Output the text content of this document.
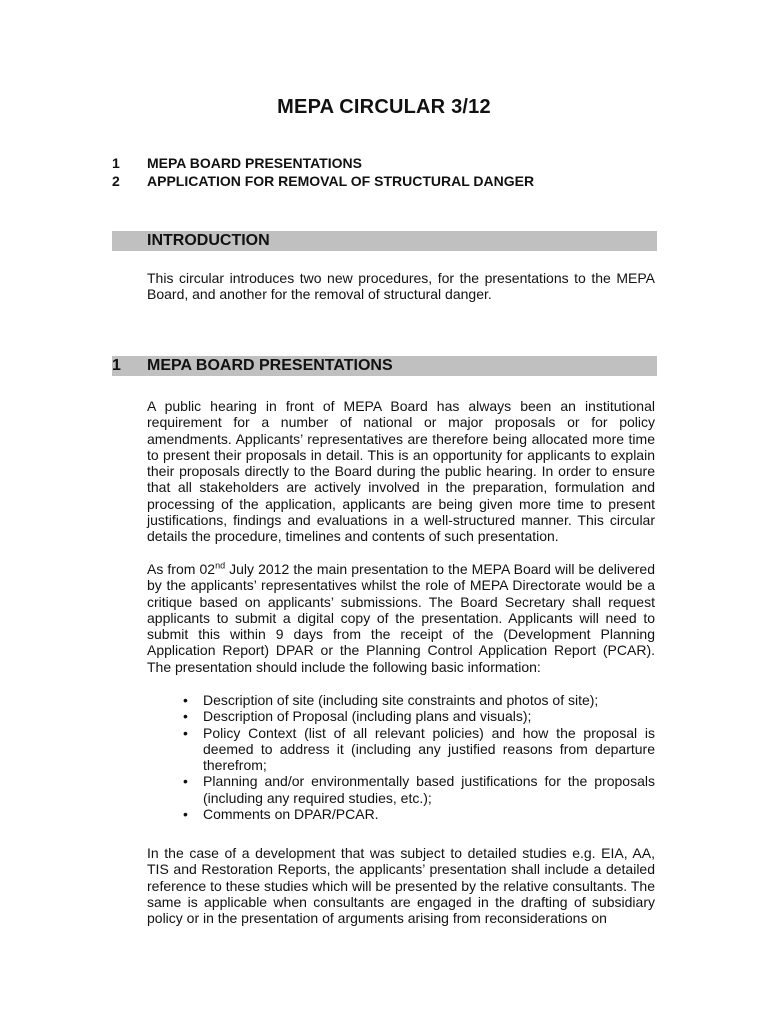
MEPA CIRCULAR 3/12
1 MEPA BOARD PRESENTATIONS
2 APPLICATION FOR REMOVAL OF STRUCTURAL DANGER
INTRODUCTION
This circular introduces two new procedures, for the presentations to the MEPA Board, and another for the removal of structural danger.
1 MEPA BOARD PRESENTATIONS
A public hearing in front of MEPA Board has always been an institutional requirement for a number of national or major proposals or for policy amendments. Applicants’ representatives are therefore being allocated more time to present their proposals in detail. This is an opportunity for applicants to explain their proposals directly to the Board during the public hearing. In order to ensure that all stakeholders are actively involved in the preparation, formulation and processing of the application, applicants are being given more time to present justifications, findings and evaluations in a well-structured manner. This circular details the procedure, timelines and contents of such presentation.
As from 02nd July 2012 the main presentation to the MEPA Board will be delivered by the applicants’ representatives whilst the role of MEPA Directorate would be a critique based on applicants’ submissions. The Board Secretary shall request applicants to submit a digital copy of the presentation. Applicants will need to submit this within 9 days from the receipt of the (Development Planning Application Report) DPAR or the Planning Control Application Report (PCAR). The presentation should include the following basic information:
• Description of site (including site constraints and photos of site);
• Description of Proposal (including plans and visuals);
• Policy Context (list of all relevant policies) and how the proposal is deemed to address it (including any justified reasons from departure therefrom;
• Planning and/or environmentally based justifications for the proposals (including any required studies, etc.);
• Comments on DPAR/PCAR.
In the case of a development that was subject to detailed studies e.g. EIA, AA, TIS and Restoration Reports, the applicants’ presentation shall include a detailed reference to these studies which will be presented by the relative consultants. The same is applicable when consultants are engaged in the drafting of subsidiary policy or in the presentation of arguments arising from reconsiderations on
